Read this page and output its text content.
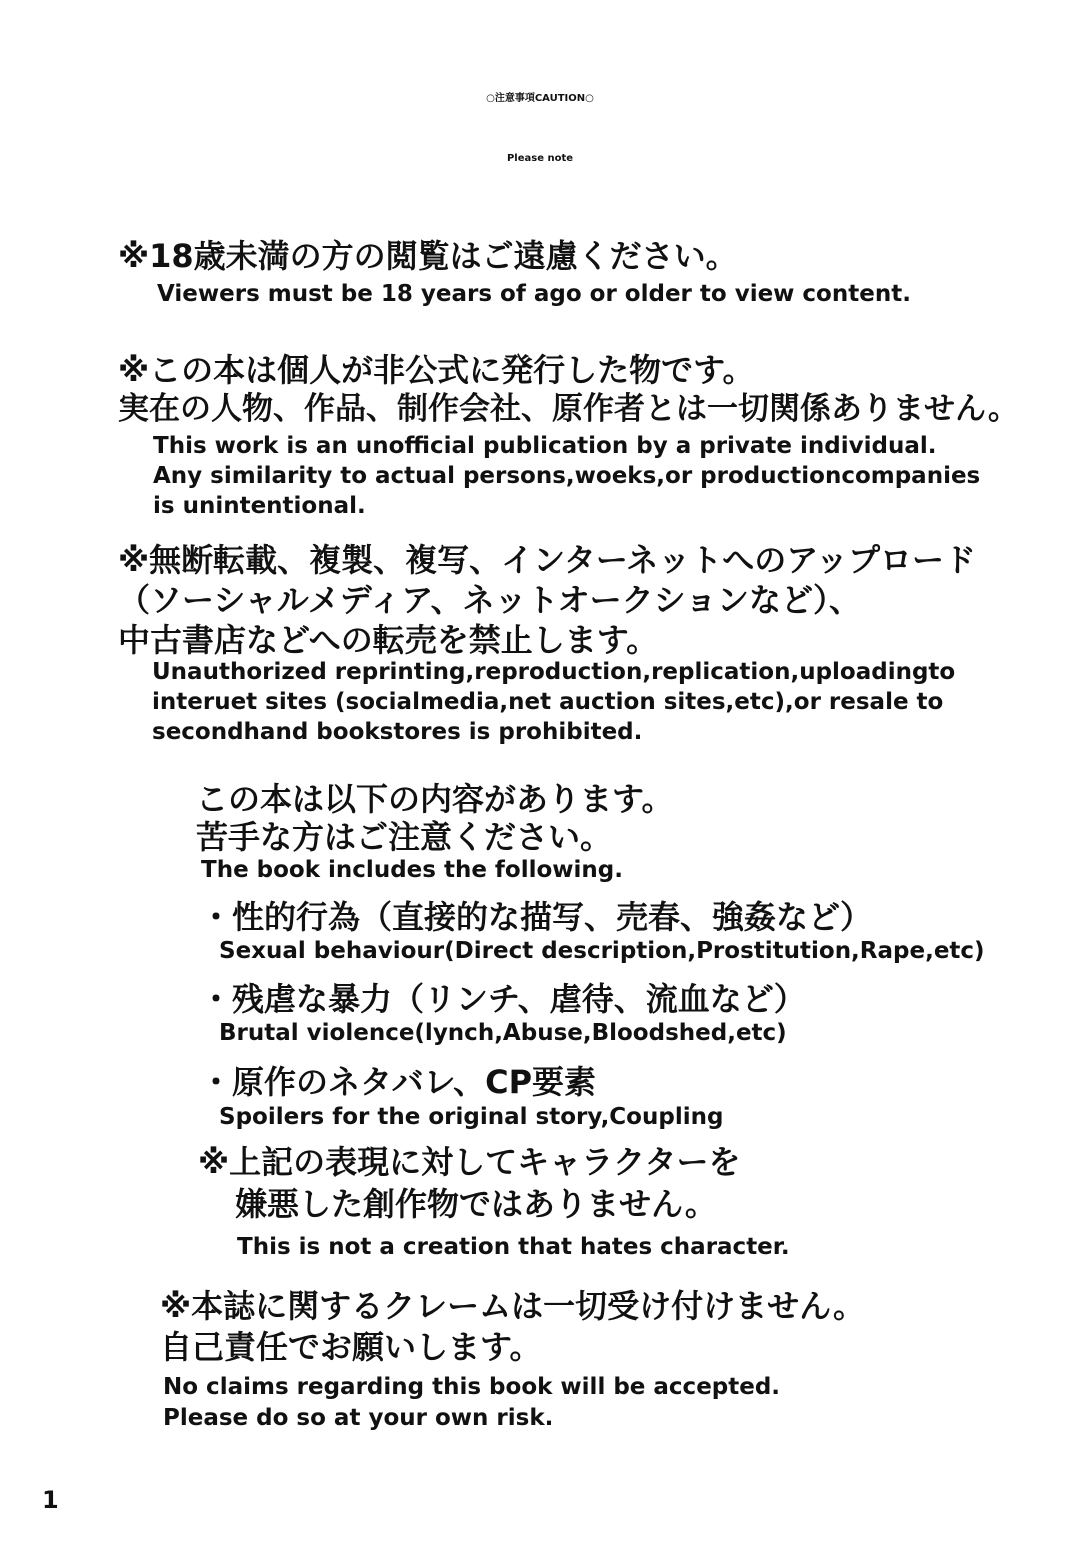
○注意事項CAUTION○

Please note

※18歳未満の方の閲覧はご遠慮ください。

Viewers must be 18 years of ago or older to view content.

※この本は個人が非公式に発行した物です。

実在の人物、作品、制作会社、原作者とは一切関係ありません。

This work is an unofficial publication by a private individual.

Any similarity to actual persons,woeks,or productioncompanies

is unintentional.

※無断転載、複製、複写、インターネットへのアップロード

（ソーシャルメディア、ネットオークションなど）、

中古書店などへの転売を禁止します。

Unauthorized reprinting,reproduction,replication,uploadingto

interuet sites (socialmedia,net auction sites,etc),or resale to

secondhand bookstores is prohibited.

この本は以下の内容があります。

苦手な方はご注意ください。

The book includes the following.

・性的行為（直接的な描写、売春、強姦など）

Sexual behaviour(Direct description,Prostitution,Rape,etc)

・残虐な暴力（リンチ、虐待、流血など）

Brutal violence(lynch,Abuse,Bloodshed,etc)

・原作のネタバレ、CP要素

Spoilers for the original story,Coupling

※上記の表現に対してキャラクターを

嫌悪した創作物ではありません。

This is not a creation that hates character.

※本誌に関するクレームは一切受け付けません。

自己責任でお願いします。

No claims regarding this book will be accepted.

Please do so at your own risk.

1
